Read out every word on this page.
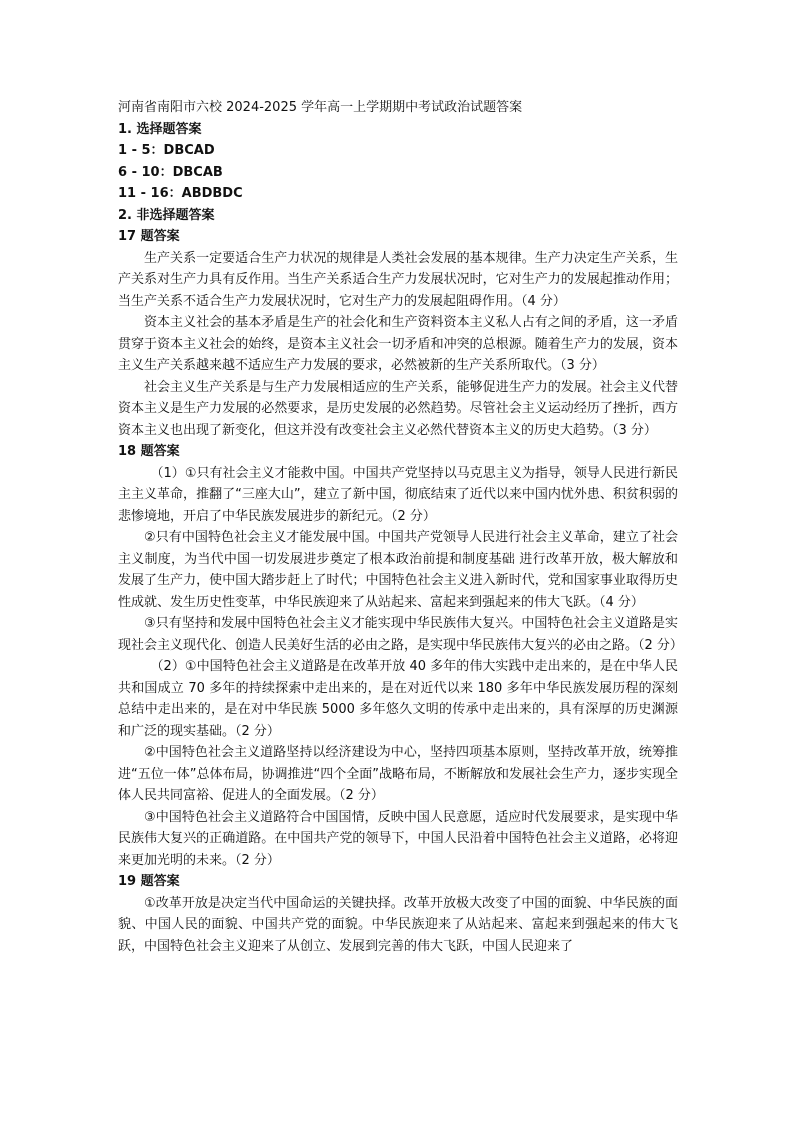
河南省南阳市六校 2024-2025 学年高一上学期期中考试政治试题答案
1. 选择题答案
1 - 5：DBCAD
6 - 10：DBCAB
11 - 16：ABDBDC
2. 非选择题答案
17 题答案

生产关系一定要适合生产力状况的规律是人类社会发展的基本规律。生产力决定生产关系，生产关系对生产力具有反作用。当生产关系适合生产力发展状况时，它对生产力的发展起推动作用；当生产关系不适合生产力发展状况时，它对生产力的发展起阻碍作用。（4 分）

资本主义社会的基本矛盾是生产的社会化和生产资料资本主义私人占有之间的矛盾，这一矛盾贯穿于资本主义社会的始终，是资本主义社会一切矛盾和冲突的总根源。随着生产力的发展，资本主义生产关系越来越不适应生产力发展的要求，必然被新的生产关系所取代。（3 分）

社会主义生产关系是与生产力发展相适应的生产关系，能够促进生产力的发展。社会主义代替资本主义是生产力发展的必然要求，是历史发展的必然趋势。尽管社会主义运动经历了挫折，西方资本主义也出现了新变化，但这并没有改变社会主义必然代替资本主义的历史大趋势。（3 分）

18 题答案

（1）①只有社会主义才能救中国。中国共产党坚持以马克思主义为指导，领导人民进行新民主主义革命，推翻了“三座大山”，建立了新中国，彻底结束了近代以来中国内忧外患、积贫积弱的悲惨境地，开启了中华民族发展进步的新纪元。（2 分）

②只有中国特色社会主义才能发展中国。中国共产党领导人民进行社会主义革命，建立了社会主义制度，为当代中国一切发展进步奠定了根本政治前提和制度基础 进行改革开放，极大解放和发展了生产力，使中国大踏步赶上了时代；中国特色社会主义进入新时代，党和国家事业取得历史性成就、发生历史性变革，中华民族迎来了从站起来、富起来到强起来的伟大飞跃。（4 分）

③只有坚持和发展中国特色社会主义才能实现中华民族伟大复兴。中国特色社会主义道路是实现社会主义现代化、创造人民美好生活的必由之路，是实现中华民族伟大复兴的必由之路。（2 分）

（2）①中国特色社会主义道路是在改革开放 40 多年的伟大实践中走出来的，是在中华人民共和国成立 70 多年的持续探索中走出来的，是在对近代以来 180 多年中华民族发展历程的深刻总结中走出来的，是在对中华民族 5000 多年悠久文明的传承中走出来的，具有深厚的历史渊源和广泛的现实基础。（2 分）

②中国特色社会主义道路坚持以经济建设为中心，坚持四项基本原则，坚持改革开放，统筹推进“五位一体”总体布局，协调推进“四个全面”战略布局，不断解放和发展社会生产力，逐步实现全体人民共同富裕、促进人的全面发展。（2 分）

③中国特色社会主义道路符合中国国情，反映中国人民意愿，适应时代发展要求，是实现中华民族伟大复兴的正确道路。在中国共产党的领导下，中国人民沿着中国特色社会主义道路，必将迎来更加光明的未来。（2 分）

19 题答案

①改革开放是决定当代中国命运的关键抉择。改革开放极大改变了中国的面貌、中华民族的面貌、中国人民的面貌、中国共产党的面貌。中华民族迎来了从站起来、富起来到强起来的伟大飞跃，中国特色社会主义迎来了从创立、发展到完善的伟大飞跃，中国人民迎来了
